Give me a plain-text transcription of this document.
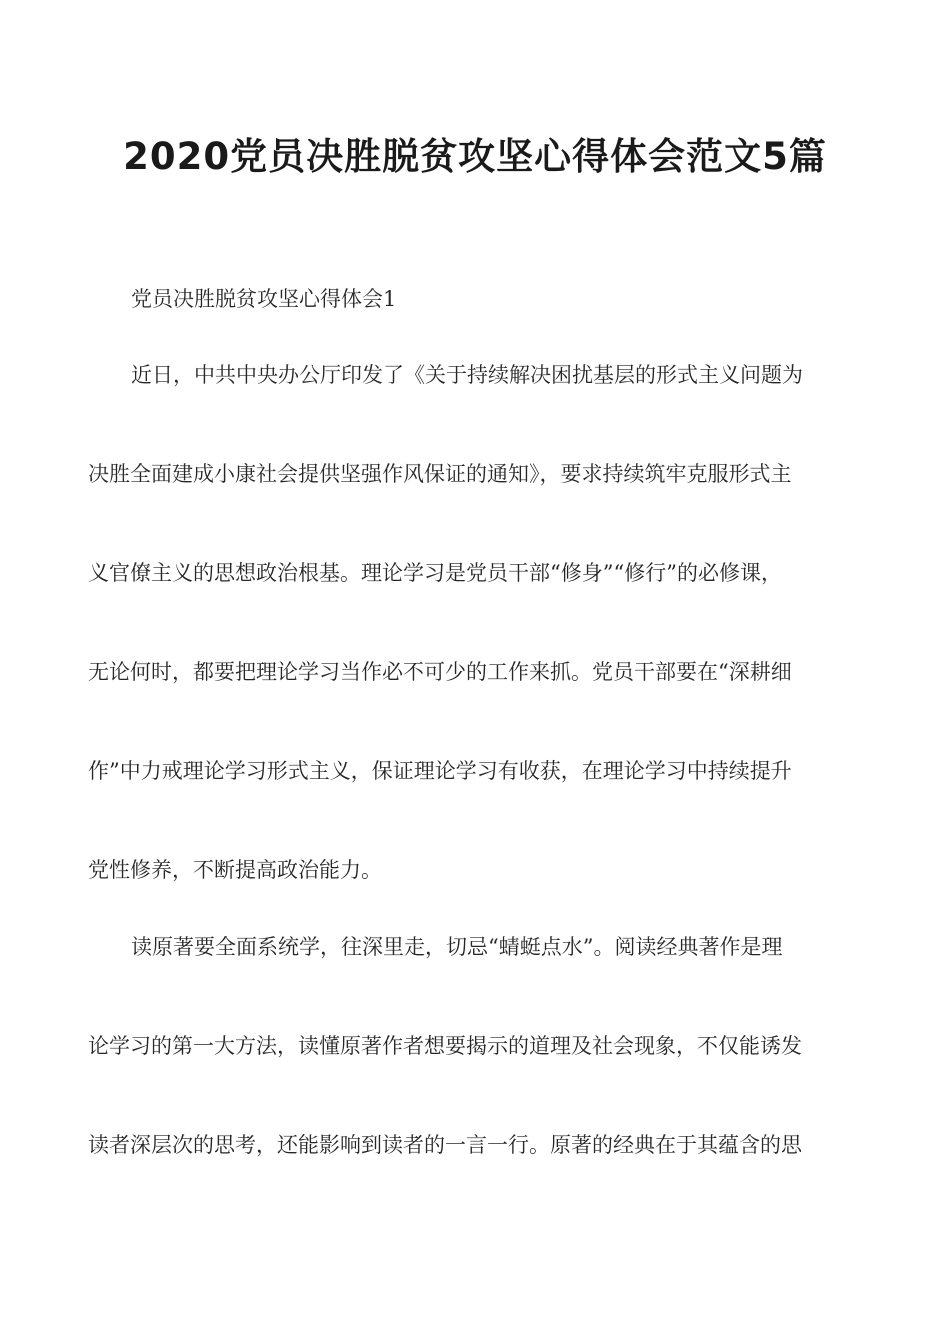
2020党员决胜脱贫攻坚心得体会范文5篇
党员决胜脱贫攻坚心得体会1
近日，中共中央办公厅印发了《关于持续解决困扰基层的形式主义问题为
决胜全面建成小康社会提供坚强作风保证的通知》，要求持续筑牢克服形式主
义官僚主义的思想政治根基。理论学习是党员干部“修身”“修行”的必修课，
无论何时，都要把理论学习当作必不可少的工作来抓。党员干部要在“深耕细
作”中力戒理论学习形式主义，保证理论学习有收获，在理论学习中持续提升
党性修养，不断提高政治能力。
读原著要全面系统学，往深里走，切忌“蜻蜓点水”。阅读经典著作是理
论学习的第一大方法，读懂原著作者想要揭示的道理及社会现象，不仅能诱发
读者深层次的思考，还能影响到读者的一言一行。原著的经典在于其蕴含的思
